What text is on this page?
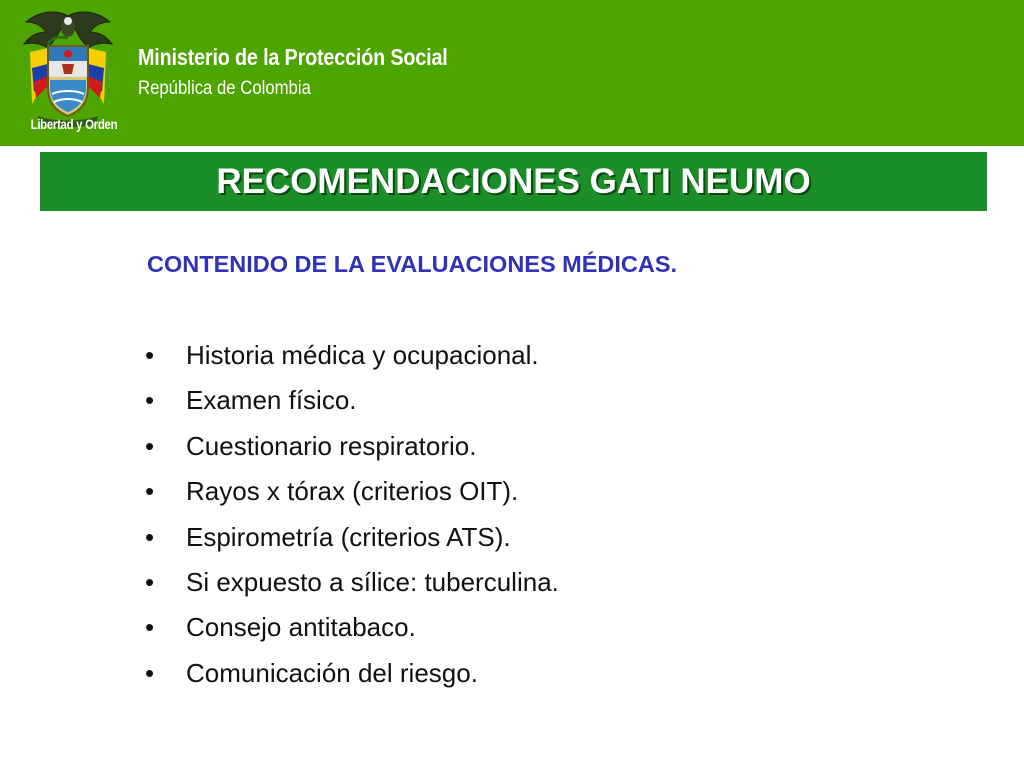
Libertad y Orden
Ministerio de la Protección Social
República de Colombia
RECOMENDACIONES GATI NEUMO
CONTENIDO DE LA EVALUACIONES MÉDICAS.
•	Historia médica y ocupacional.
•	Examen físico.
•	Cuestionario respiratorio.
•	Rayos x tórax (criterios OIT).
•	Espirometría (criterios ATS).
•	Si expuesto a sílice: tuberculina.
•	Consejo antitabaco.
•	Comunicación del riesgo.
